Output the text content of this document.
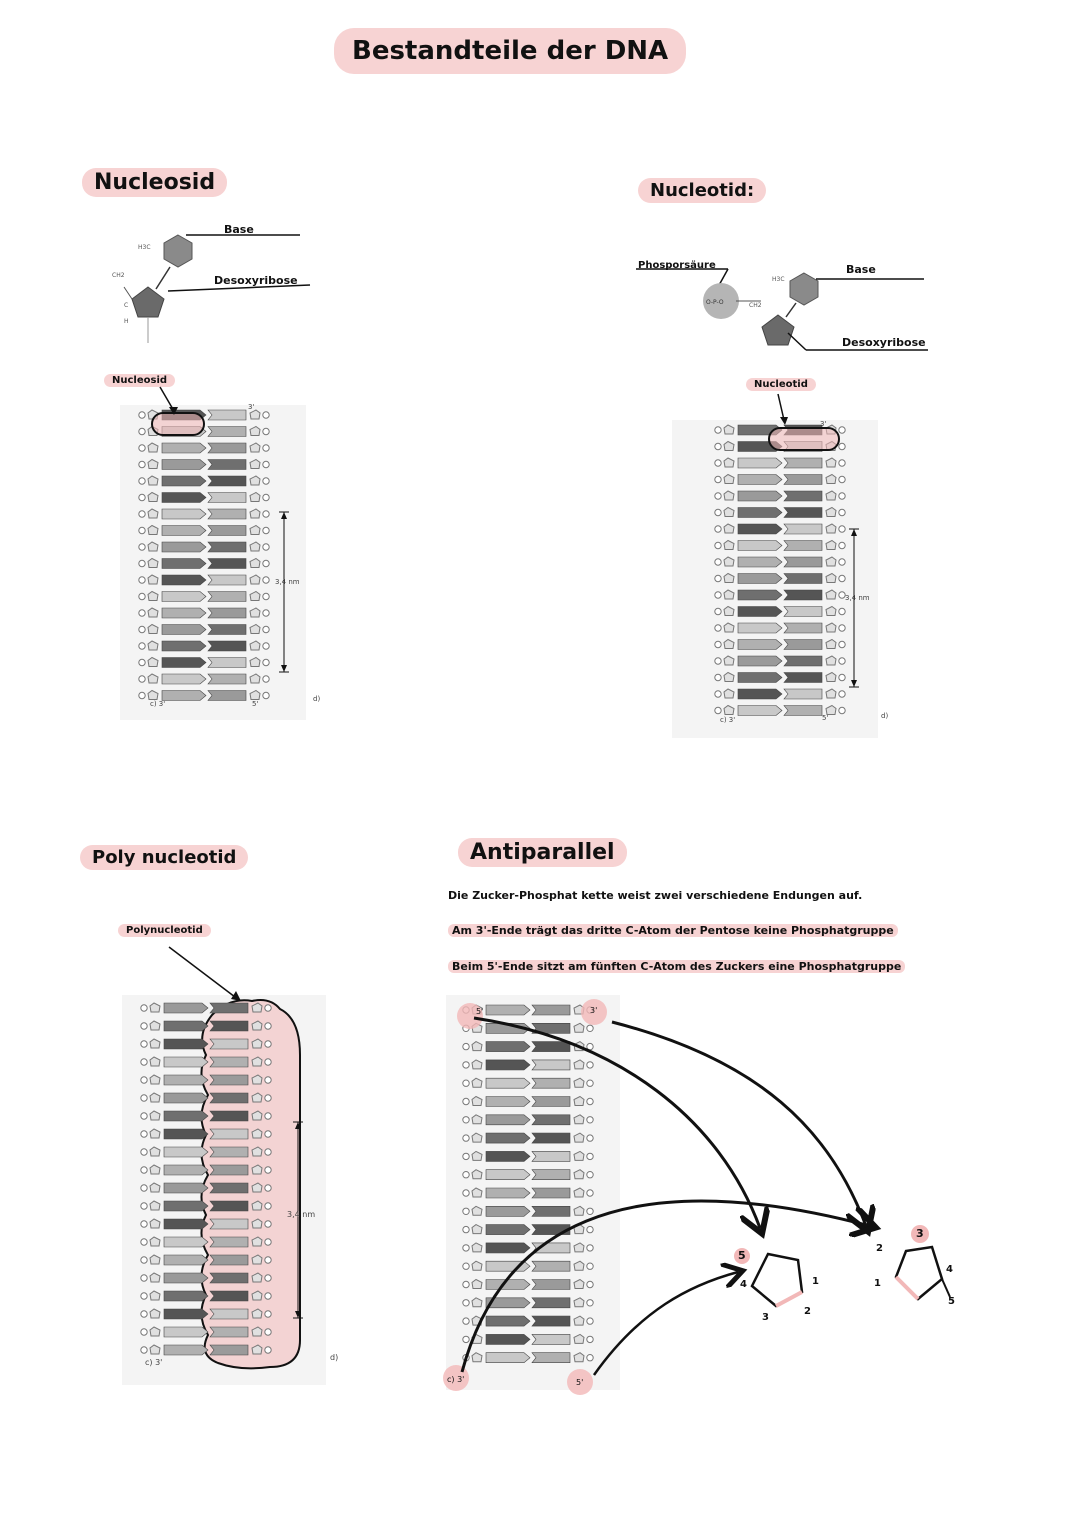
Bestandteile der DNA
Nucleosid
CH2
H3C
C
H
Base
Desoxyribose
Nucleosid
3,4 nm
c) 3'
d)
3'
5'
Nucleotid:
O-P-O	CH2
H3C
Phosporsäure	Base
Desoxyribose
Nucleotid
3,4 nm
c) 3'	d)
3'
5'
Poly nucleotid
Polynucleotid
3,4 nm
c) 3'
d)
Antiparallel
Die Zucker-Phosphat kette weist zwei verschiedene Endungen auf.
Am 3'-Ende trägt das dritte C-Atom der Pentose keine Phosphatgruppe
Beim 5'-Ende sitzt am fünften C-Atom des Zuckers eine Phosphatgruppe
5'	3'
c) 3'	5'
5
4
3
2
1
3
2
1
4
5
